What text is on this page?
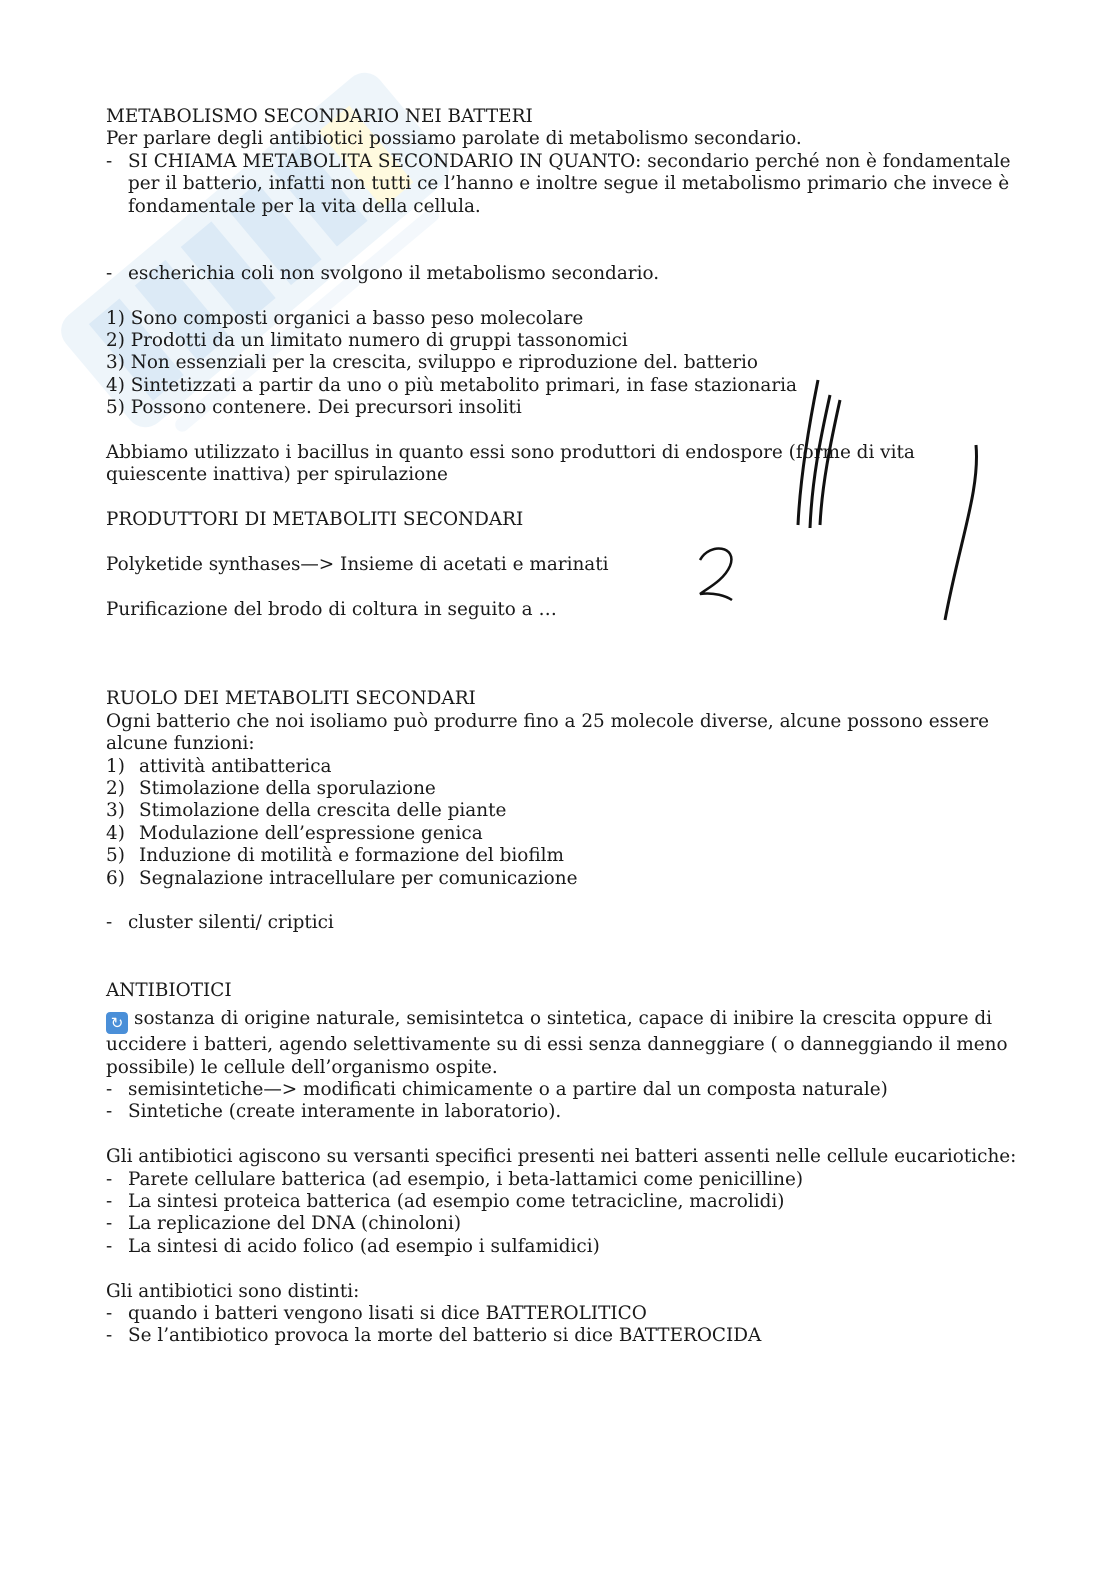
METABOLISMO SECONDARIO NEI BATTERI
Per parlare degli antibiotici possiamo parolate di metabolismo secondario.
- SI CHIAMA METABOLITA SECONDARIO IN QUANTO: secondario perché non è fondamentale per il batterio, infatti non tutti ce l’hanno e inoltre segue il metabolismo primario che invece è fondamentale per la vita della cellula.
- escherichia coli non svolgono il metabolismo secondario.
1) Sono composti organici a basso peso molecolare
2) Prodotti da un limitato numero di gruppi tassonomici
3) Non essenziali per la crescita, sviluppo e riproduzione del. batterio
4) Sintetizzati a partir da uno o più metabolito primari, in fase stazionaria
5) Possono contenere. Dei precursori insoliti
Abbiamo utilizzato i bacillus in quanto essi sono produttori di endospore (forme di vita quiescente inattiva) per spirulazione
PRODUTTORI DI METABOLITI SECONDARI
Polyketide synthases—> Insieme di acetati e marinati
Purificazione del brodo di coltura in seguito a …
RUOLO DEI METABOLITI SECONDARI
Ogni batterio che noi isoliamo può produrre fino a 25 molecole diverse, alcune possono essere alcune funzioni:
1) attività antibatterica
2) Stimolazione della sporulazione
3) Stimolazione della crescita delle piante
4) Modulazione dell’espressione genica
5) Induzione di motilità e formazione del biofilm
6) Segnalazione intracellulare per comunicazione
- cluster silenti/ criptici
ANTIBIOTICI
↻ sostanza di origine naturale, semisintetca o sintetica, capace di inibire la crescita oppure di uccidere i batteri, agendo selettivamente su di essi senza danneggiare ( o danneggiando il meno possibile) le cellule dell’organismo ospite.
- semisintetiche—> modificati chimicamente o a partire dal un composta naturale)
- Sintetiche (create interamente in laboratorio).
Gli antibiotici agiscono su versanti specifici presenti nei batteri assenti nelle cellule eucariotiche:
- Parete cellulare batterica (ad esempio, i beta-lattamici come penicilline)
- La sintesi proteica batterica (ad esempio come tetracicline, macrolidi)
- La replicazione del DNA (chinoloni)
- La sintesi di acido folico (ad esempio i sulfamidici)
Gli antibiotici sono distinti:
- quando i batteri vengono lisati si dice BATTEROLITICO
- Se l’antibiotico provoca la morte del batterio si dice BATTEROCIDA
